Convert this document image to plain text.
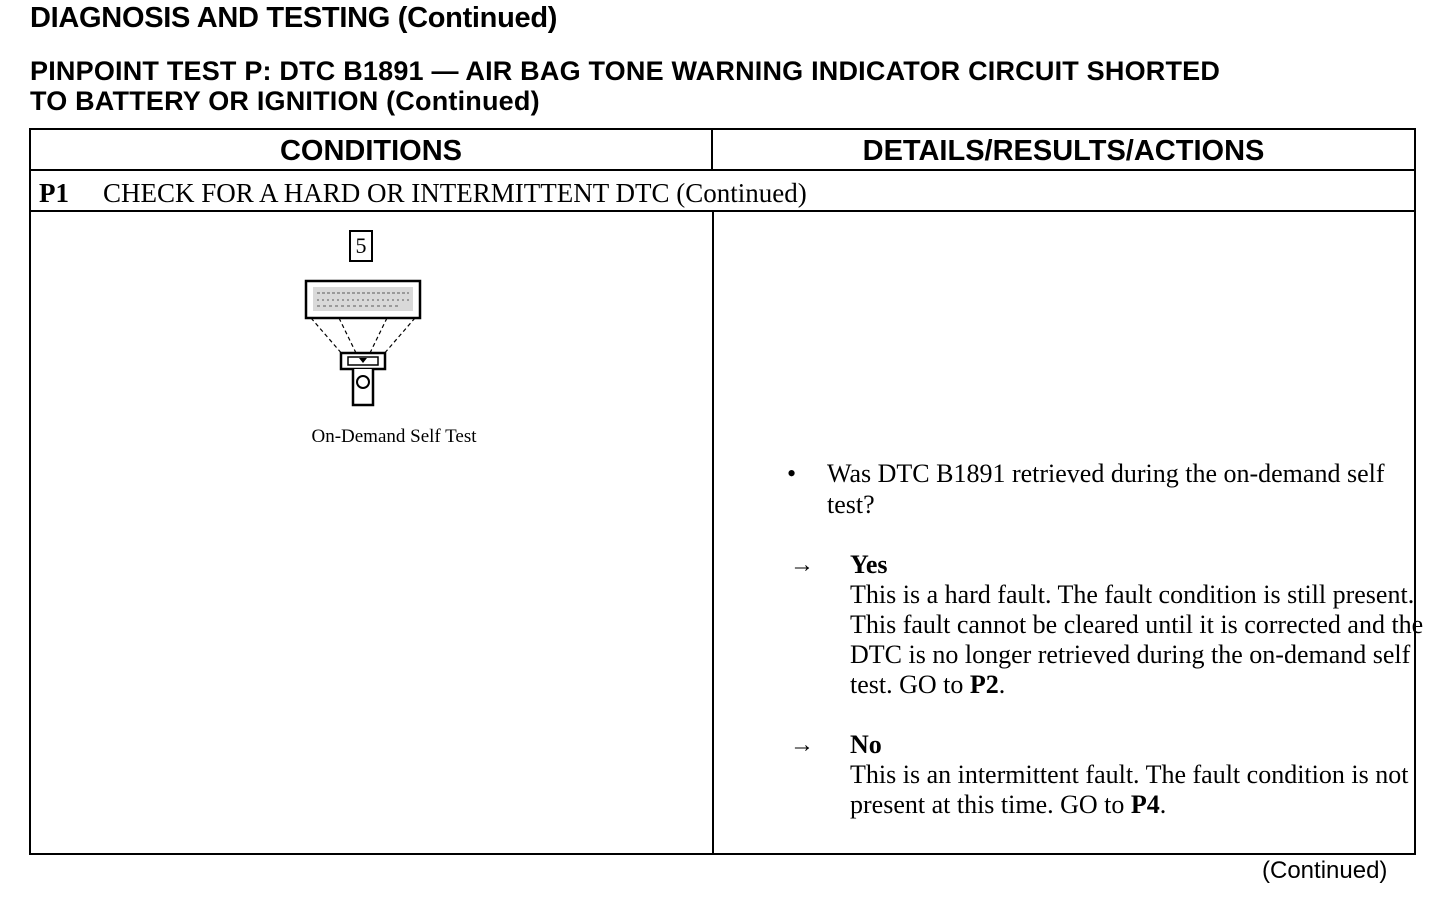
DIAGNOSIS AND TESTING (Continued)
PINPOINT TEST P: DTC B1891 — AIR BAG TONE WARNING INDICATOR CIRCUIT SHORTED
TO BATTERY OR IGNITION (Continued)
CONDITIONS	DETAILS/RESULTS/ACTIONS
P1 CHECK FOR A HARD OR INTERMITTENT DTC (Continued)
5
On-Demand Self Test
• Was DTC B1891 retrieved during the on-demand self test?
→ Yes
This is a hard fault. The fault condition is still present. This fault cannot be cleared until it is corrected and the DTC is no longer retrieved during the on-demand self test. GO to P2.
→ No
This is an intermittent fault. The fault condition is not present at this time. GO to P4.
(Continued)
